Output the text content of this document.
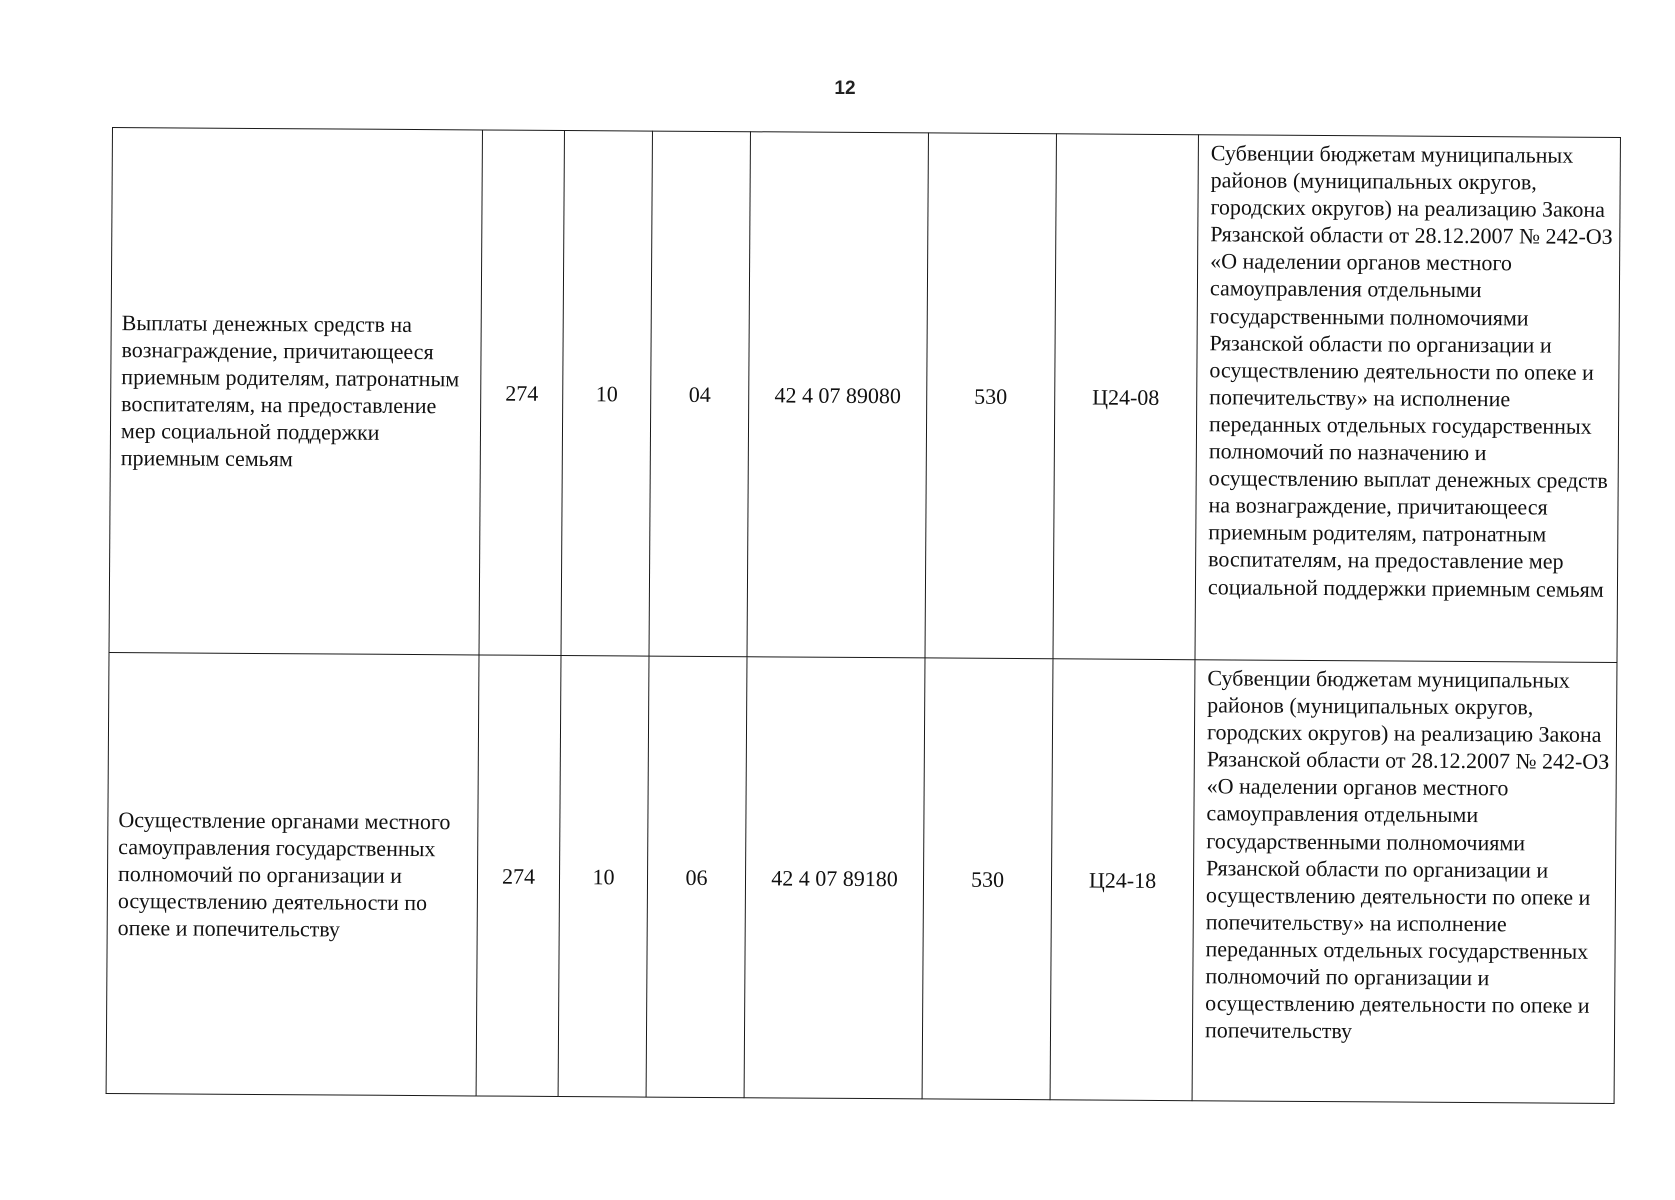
12
Выплаты денежных средств на вознаграждение, причитающееся приемным родителям, патронатным воспитателям, на предоставление мер социальной поддержки приемным семьям	274	10	04	42 4 07 89080	530	Ц24-08	Субвенции бюджетам муниципальных районов (муниципальных округов, городских округов) на реализацию Закона Рязанской области от 28.12.2007 № 242-ОЗ «О наделении органов местного самоуправления отдельными государственными полномочиями Рязанской области по организации и осуществлению деятельности по опеке и попечительству» на исполнение переданных отдельных государственных полномочий по назначению и осуществлению выплат денежных средств на вознаграждение, причитающееся приемным родителям, патронатным воспитателям, на предоставление мер социальной поддержки приемным семьям

Осуществление органами местного самоуправления государственных полномочий по организации и осуществлению деятельности по опеке и попечительству	274	10	06	42 4 07 89180	530	Ц24-18	Субвенции бюджетам муниципальных районов (муниципальных округов, городских округов) на реализацию Закона Рязанской области от 28.12.2007 № 242-ОЗ «О наделении органов местного самоуправления отдельными государственными полномочиями Рязанской области по организации и осуществлению деятельности по опеке и попечительству» на исполнение переданных отдельных государственных полномочий по организации и осуществлению деятельности по опеке и попечительству
